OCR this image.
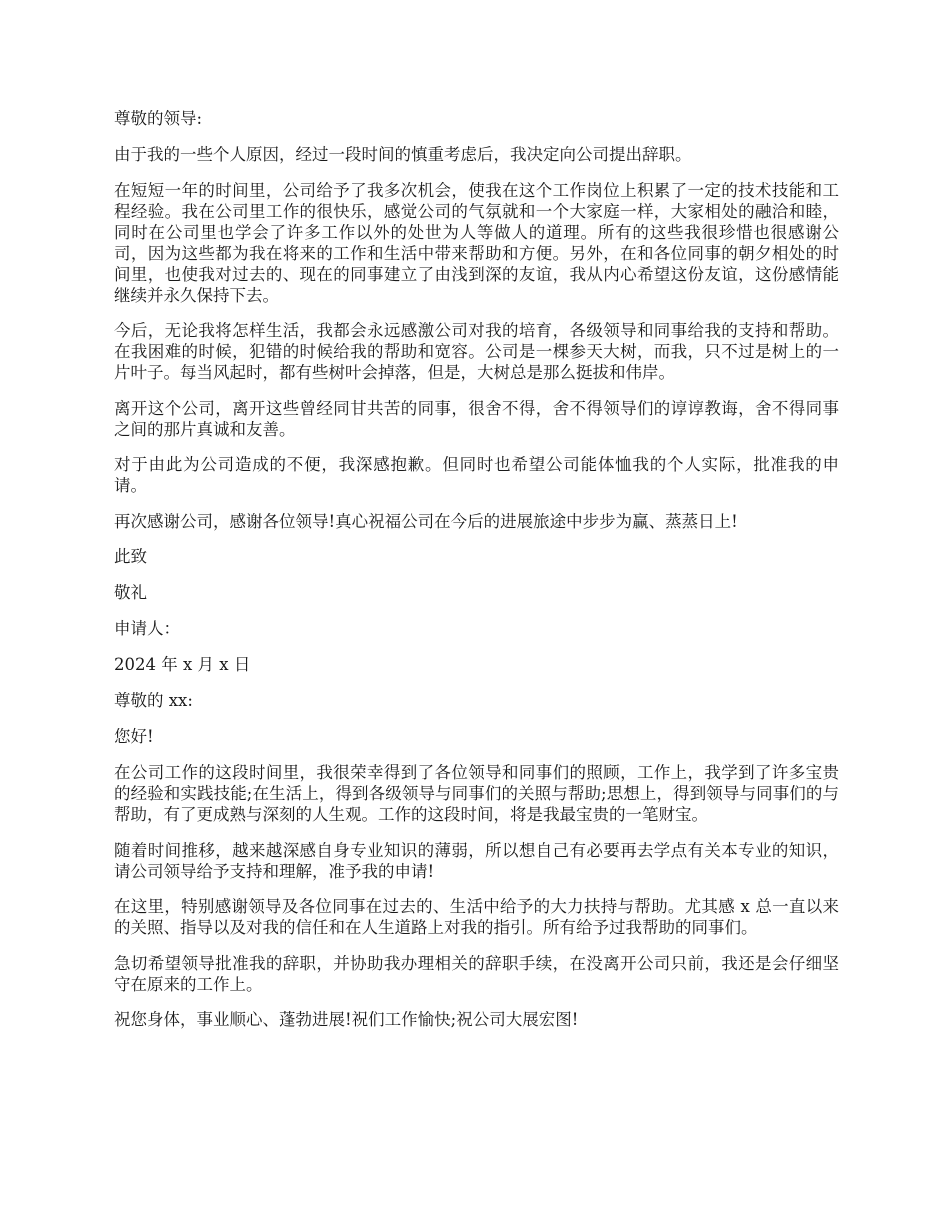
尊敬的领导:

由于我的一些个人原因，经过一段时间的慎重考虑后，我决定向公司提出辞职。

在短短一年的时间里，公司给予了我多次机会，使我在这个工作岗位上积累了一定的技术技能和工程经验。我在公司里工作的很快乐，感觉公司的气氛就和一个大家庭一样，大家相处的融洽和睦，同时在公司里也学会了许多工作以外的处世为人等做人的道理。所有的这些我很珍惜也很感谢公司，因为这些都为我在将来的工作和生活中带来帮助和方便。另外，在和各位同事的朝夕相处的时间里，也使我对过去的、现在的同事建立了由浅到深的友谊，我从内心希望这份友谊，这份感情能继续并永久保持下去。

今后，无论我将怎样生活，我都会永远感激公司对我的培育，各级领导和同事给我的支持和帮助。在我困难的时候，犯错的时候给我的帮助和宽容。公司是一棵参天大树，而我，只不过是树上的一片叶子。每当风起时，都有些树叶会掉落，但是，大树总是那么挺拔和伟岸。

离开这个公司，离开这些曾经同甘共苦的同事，很舍不得，舍不得领导们的谆谆教诲，舍不得同事之间的那片真诚和友善。

对于由此为公司造成的不便，我深感抱歉。但同时也希望公司能体恤我的个人实际，批准我的申请。

再次感谢公司，感谢各位领导!真心祝福公司在今后的进展旅途中步步为赢、蒸蒸日上!

此致

敬礼

申请人：

2024 年 x 月 x 日

尊敬的 xx:

您好!

在公司工作的这段时间里，我很荣幸得到了各位领导和同事们的照顾，工作上，我学到了许多宝贵的经验和实践技能;在生活上，得到各级领导与同事们的关照与帮助;思想上，得到领导与同事们的与帮助，有了更成熟与深刻的人生观。工作的这段时间，将是我最宝贵的一笔财宝。

随着时间推移，越来越深感自身专业知识的薄弱，所以想自己有必要再去学点有关本专业的知识，请公司领导给予支持和理解，准予我的申请!

在这里，特别感谢领导及各位同事在过去的、生活中给予的大力扶持与帮助。尤其感 x 总一直以来的关照、指导以及对我的信任和在人生道路上对我的指引。所有给予过我帮助的同事们。

急切希望领导批准我的辞职，并协助我办理相关的辞职手续，在没离开公司只前，我还是会仔细坚守在原来的工作上。

祝您身体，事业顺心、蓬勃进展!祝们工作愉快;祝公司大展宏图!
